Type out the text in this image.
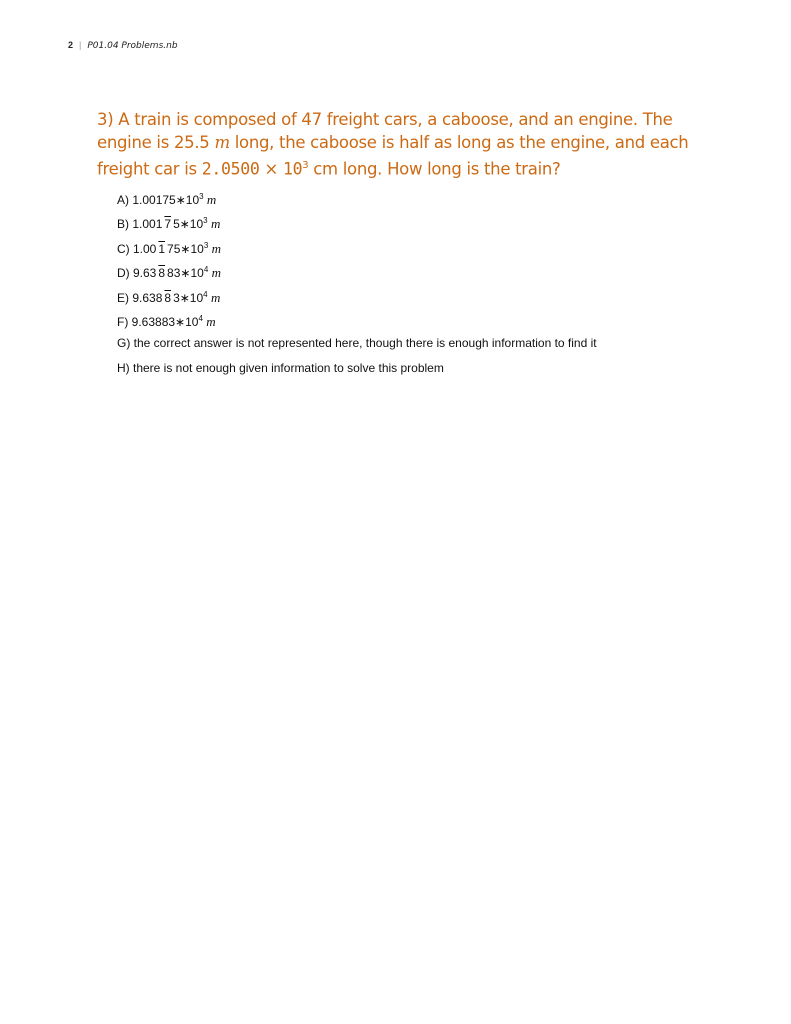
2 | P01.04 Problems.nb
3) A train is composed of 47 freight cars, a caboose, and an engine. The engine is 25.5 m long, the caboose is half as long as the engine, and each freight car is $2.0500 \times 10^3$ cm long. How long is the train?
A) $1.00175∗10^3$ m
B) 1.001 7 $5∗10^3$ m
C) 1.00 1 $75∗10^3$ m
D) 9.63 8 $83∗10^4$ m
E) 9.638 8 $3∗10^4$ m
F) $9.63883∗10^4$ m
G) the correct answer is not represented here, though there is enough information to find it
H) there is not enough given information to solve this problem
